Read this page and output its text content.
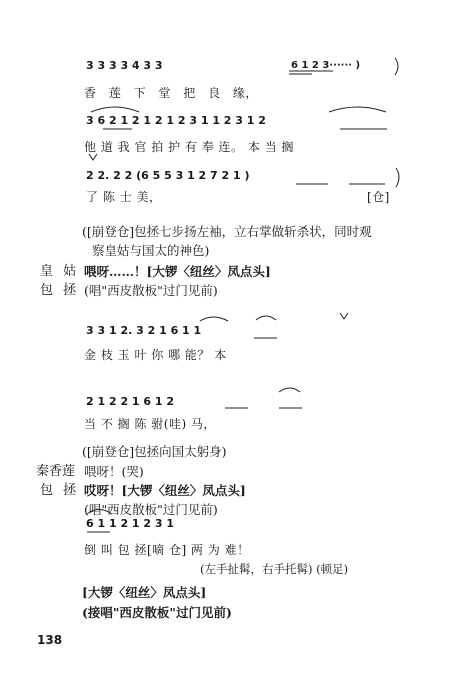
3 3 3 3 4 3 3	6 1 2 3······ )
香 莲 下 堂 把 良 缘，
3 6 2 1 2 1 2 1 2 3 1 1 2 3 1 2
他 道 我 官 拍 护 有 奉 连。 本 当 搁
2 2. 2 2 (6 5 5 3 1 2 7 2 1 )
了 陈 士 美，	[仓]
([崩登仓]包拯七步扬左袖，立右掌做斩杀状，同时观
察皇姑与国太的神色)
皇 姑 喂呀……！[大锣〈纽丝〉凤点头]
包 拯 (唱"西皮散板"过门见前)
3 3 1 2. 3 2 1 6 1 1
金 枝 玉 叶 你 哪 能？ 本
2 1 2 2 1 6 1 2
当 不 搁 陈 驸(哇) 马，
([崩登仓]包拯向国太躬身)
秦香莲 喂呀！(哭)
包 拯 哎呀！[大锣〈纽丝〉凤点头]
(唱"西皮散板"过门见前)
6 1 1 2 1 2 3 1
倒 叫 包 拯[嘀 仓] 两 为 难！
(左手扯髯，右手托髯) (顿足)
[大锣〈纽丝〉凤点头]
(接唱"西皮散板"过门见前)
138
